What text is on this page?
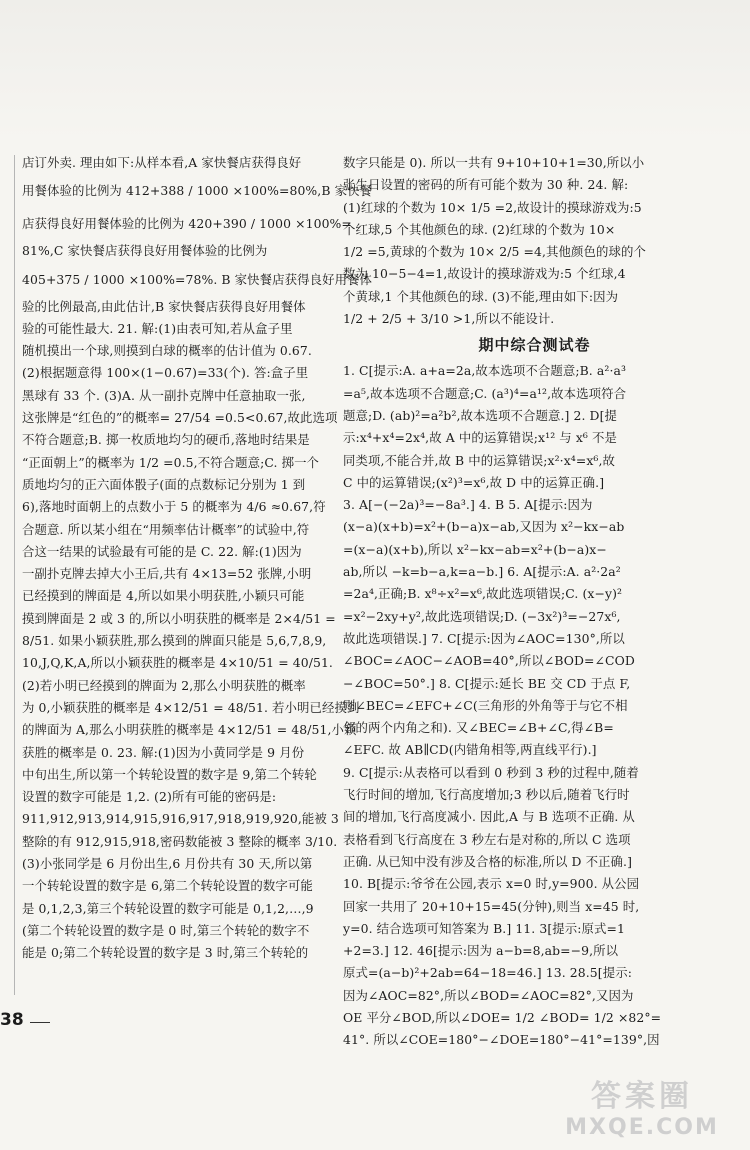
店订外卖. 理由如下:从样本看,A 家快餐店获得良好
用餐体验的比例为 412+388 / 1000 ×100%=80%,B 家快餐
店获得良好用餐体验的比例为 420+390 / 1000 ×100%=
81%,C 家快餐店获得良好用餐体验的比例为
405+375 / 1000 ×100%=78%. B 家快餐店获得良好用餐体
验的比例最高,由此估计,B 家快餐店获得良好用餐体
验的可能性最大. 21. 解:(1)由表可知,若从盒子里
随机摸出一个球,则摸到白球的概率的估计值为 0.67.
(2)根据题意得 100×(1−0.67)=33(个). 答:盒子里
黑球有 33 个. (3)A. 从一副扑克牌中任意抽取一张,
这张牌是“红色的”的概率= 27/54 =0.5<0.67,故此选项
不符合题意;B. 掷一枚质地均匀的硬币,落地时结果是
“正面朝上”的概率为 1/2 =0.5,不符合题意;C. 掷一个
质地均匀的正六面体骰子(面的点数标记分别为 1 到
6),落地时面朝上的点数小于 5 的概率为 4/6 ≈0.67,符
合题意. 所以某小组在“用频率估计概率”的试验中,符
合这一结果的试验最有可能的是 C. 22. 解:(1)因为
一副扑克牌去掉大小王后,共有 4×13=52 张牌,小明
已经摸到的牌面是 4,所以如果小明获胜,小颖只可能
摸到牌面是 2 或 3 的,所以小明获胜的概率是 2×4/51 =
8/51. 如果小颖获胜,那么摸到的牌面只能是 5,6,7,8,9,
10,J,Q,K,A,所以小颖获胜的概率是 4×10/51 = 40/51.
(2)若小明已经摸到的牌面为 2,那么小明获胜的概率
为 0,小颖获胜的概率是 4×12/51 = 48/51. 若小明已经摸到
的牌面为 A,那么小明获胜的概率是 4×12/51 = 48/51,小颖
获胜的概率是 0. 23. 解:(1)因为小黄同学是 9 月份
中旬出生,所以第一个转轮设置的数字是 9,第二个转轮
设置的数字可能是 1,2. (2)所有可能的密码是:
911,912,913,914,915,916,917,918,919,920,能被 3
整除的有 912,915,918,密码数能被 3 整除的概率 3/10.
(3)小张同学是 6 月份出生,6 月份共有 30 天,所以第
一个转轮设置的数字是 6,第二个转轮设置的数字可能
是 0,1,2,3,第三个转轮设置的数字可能是 0,1,2,…,9
(第二个转轮设置的数字是 0 时,第三个转轮的数字不
能是 0;第二个转轮设置的数字是 3 时,第三个转轮的
数字只能是 0). 所以一共有 9+10+10+1=30,所以小
张生日设置的密码的所有可能个数为 30 种. 24. 解:
(1)红球的个数为 10× 1/5 =2,故设计的摸球游戏为:5
个红球,5 个其他颜色的球. (2)红球的个数为 10×
1/2 =5,黄球的个数为 10× 2/5 =4,其他颜色的球的个
数为 10−5−4=1,故设计的摸球游戏为:5 个红球,4
个黄球,1 个其他颜色的球. (3)不能,理由如下:因为
1/2 + 2/5 + 3/10 >1,所以不能设计.
期中综合测试卷
1. C[提示:A. a+a=2a,故本选项不合题意;B. a²·a³
=a⁵,故本选项不合题意;C. (a³)⁴=a¹²,故本选项符合
题意;D. (ab)²=a²b²,故本选项不合题意.] 2. D[提
示:x⁴+x⁴=2x⁴,故 A 中的运算错误;x¹² 与 x⁶ 不是
同类项,不能合并,故 B 中的运算错误;x²·x⁴=x⁶,故
C 中的运算错误;(x²)³=x⁶,故 D 中的运算正确.]
3. A[−(−2a)³=−8a³.] 4. B 5. A[提示:因为
(x−a)(x+b)=x²+(b−a)x−ab,又因为 x²−kx−ab
=(x−a)(x+b),所以 x²−kx−ab=x²+(b−a)x−
ab,所以 −k=b−a,k=a−b.] 6. A[提示:A. a²·2a²
=2a⁴,正确;B. x⁸÷x²=x⁶,故此选项错误;C. (x−y)²
=x²−2xy+y²,故此选项错误;D. (−3x²)³=−27x⁶,
故此选项错误.] 7. C[提示:因为∠AOC=130°,所以
∠BOC=∠AOC−∠AOB=40°,所以∠BOD=∠COD
−∠BOC=50°.] 8. C[提示:延长 BE 交 CD 于点 F,
则∠BEC=∠EFC+∠C(三角形的外角等于与它不相
邻的两个内角之和). 又∠BEC=∠B+∠C,得∠B=
∠EFC. 故 AB∥CD(内错角相等,两直线平行).]
9. C[提示:从表格可以看到 0 秒到 3 秒的过程中,随着
飞行时间的增加,飞行高度增加;3 秒以后,随着飞行时
间的增加,飞行高度减小. 因此,A 与 B 选项不正确. 从
表格看到飞行高度在 3 秒左右是对称的,所以 C 选项
正确. 从已知中没有涉及合格的标准,所以 D 不正确.]
10. B[提示:爷爷在公园,表示 x=0 时,y=900. 从公园
回家一共用了 20+10+15=45(分钟),则当 x=45 时,
y=0. 结合选项可知答案为 B.] 11. 3[提示:原式=1
+2=3.] 12. 46[提示:因为 a−b=8,ab=−9,所以
原式=(a−b)²+2ab=64−18=46.] 13. 28.5[提示:
因为∠AOC=82°,所以∠BOD=∠AOC=82°,又因为
OE 平分∠BOD,所以∠DOE= 1/2 ∠BOD= 1/2 ×82°=
41°. 所以∠COE=180°−∠DOE=180°−41°=139°,因
38
答案圈
MXQE.COM
